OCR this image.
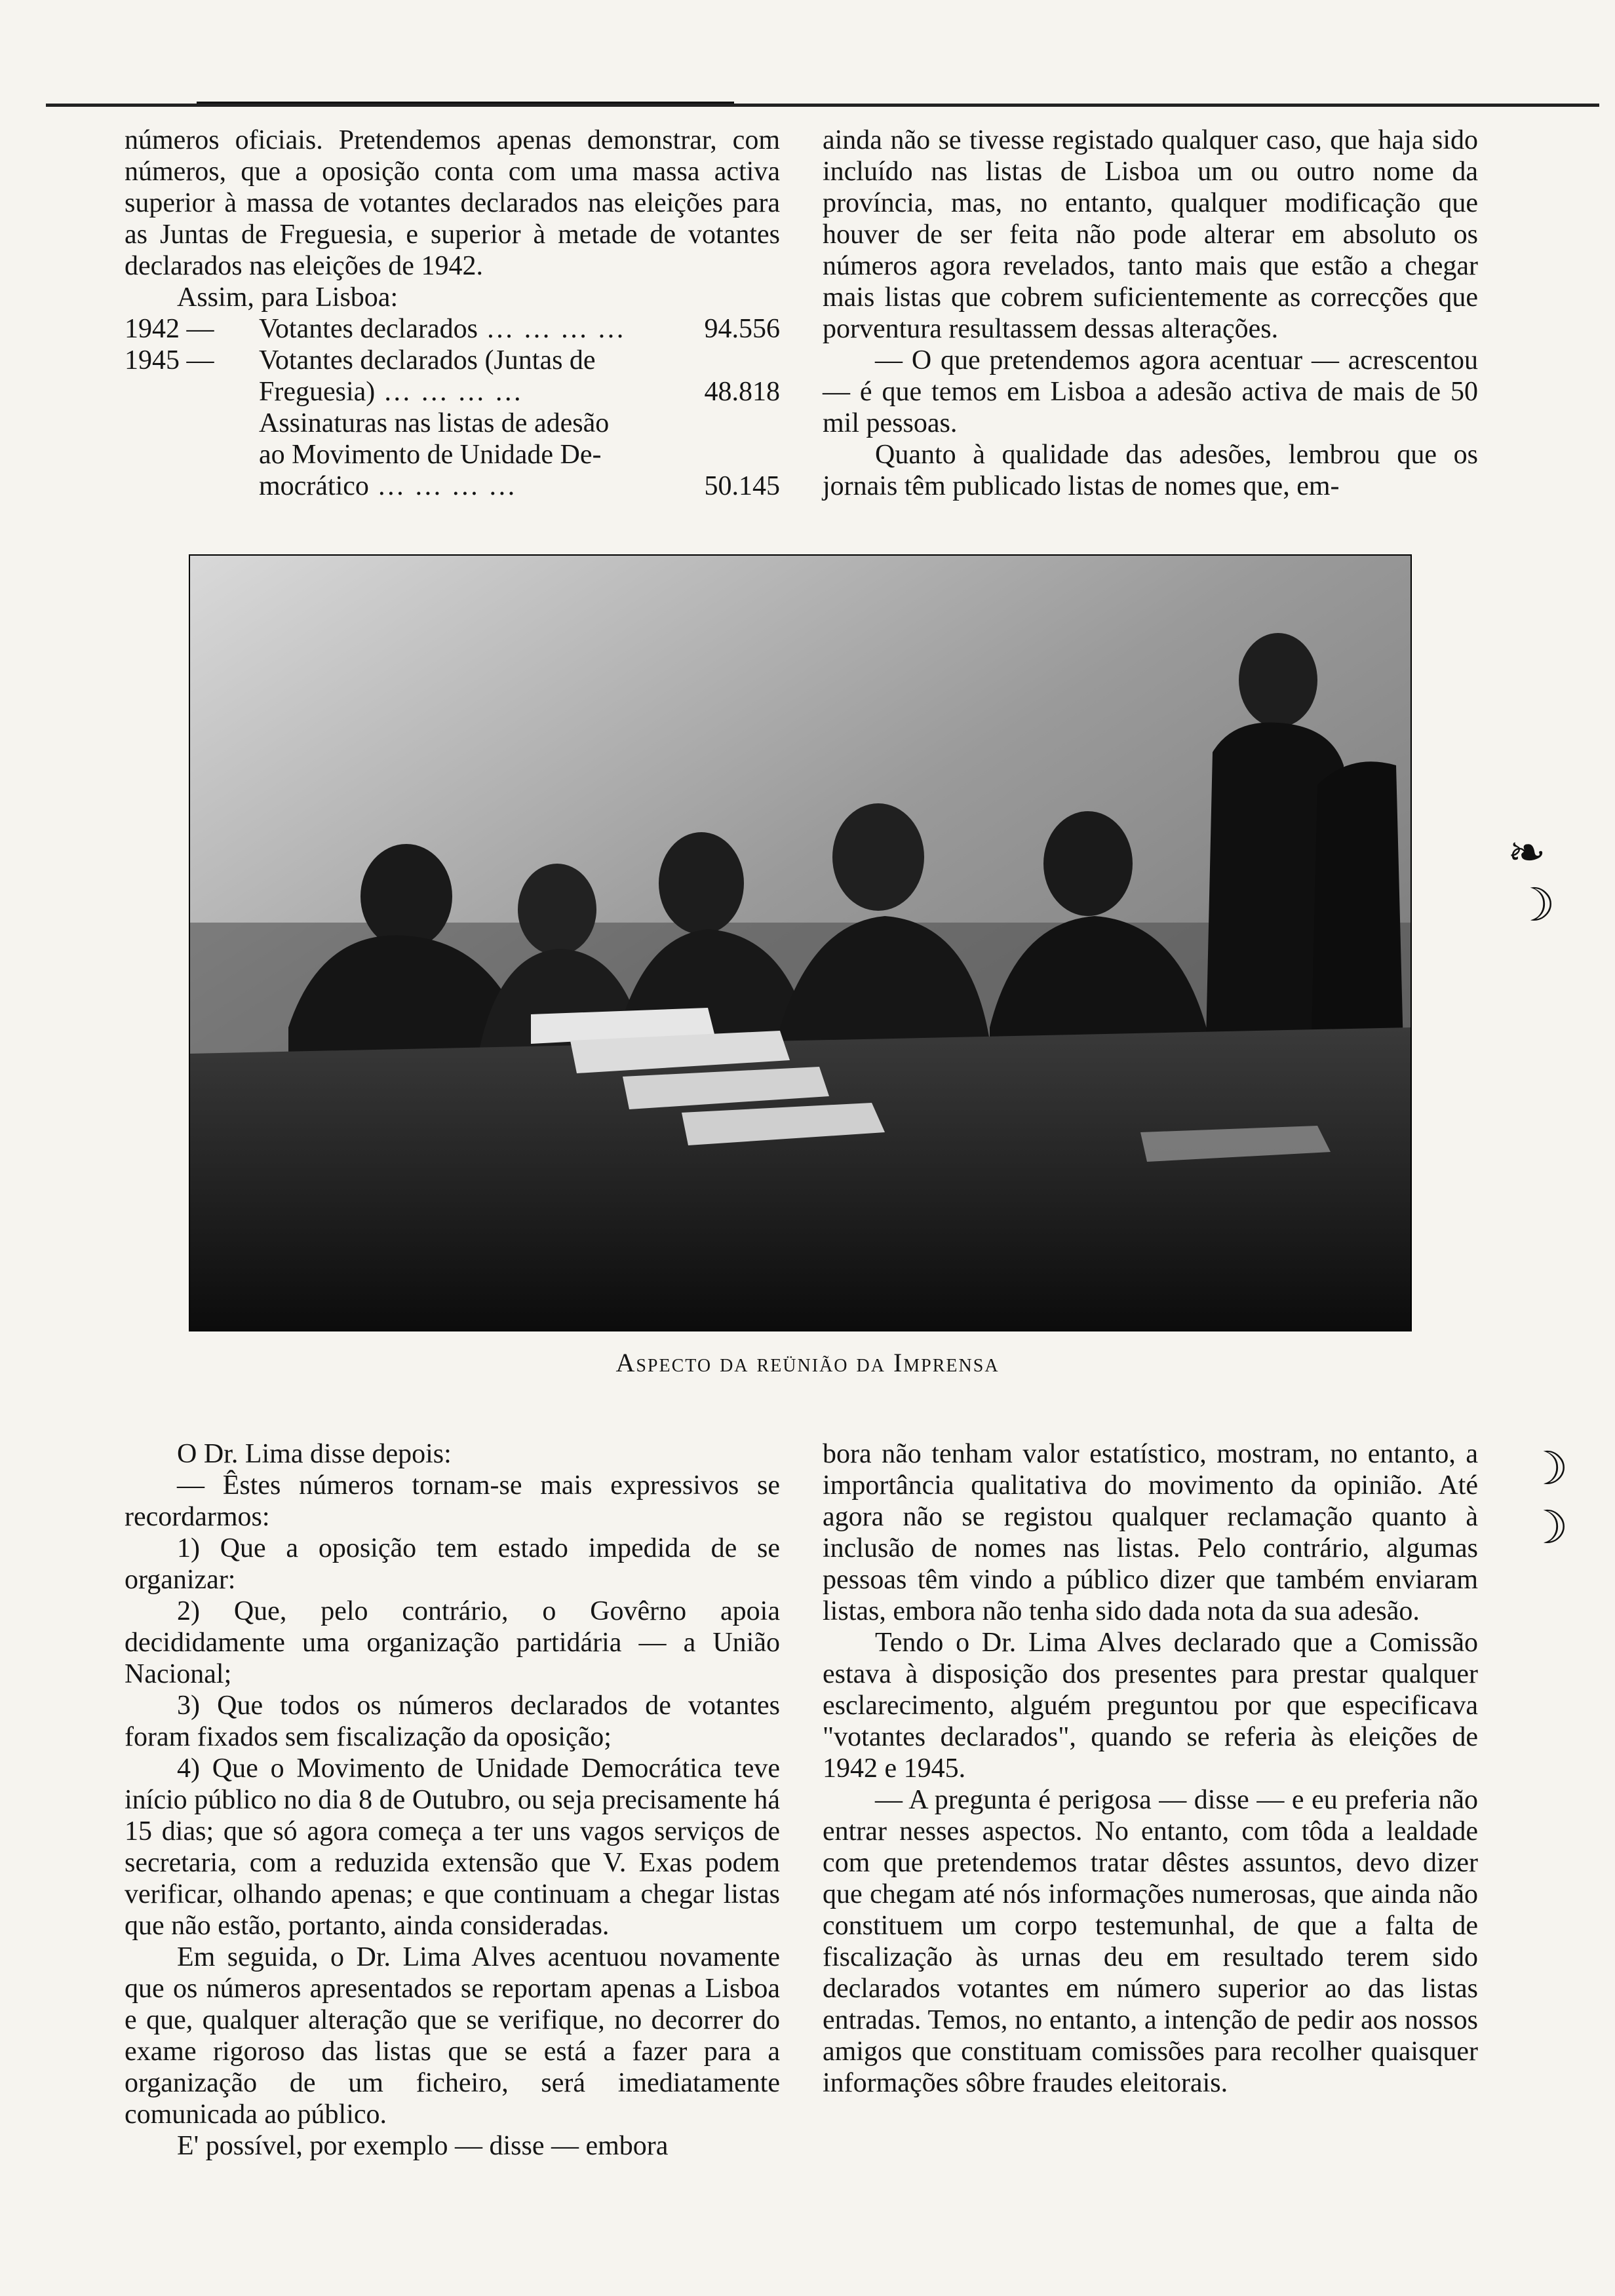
números oficiais. Pretendemos apenas demonstrar, com números, que a oposição conta com uma massa activa superior à massa de votantes declarados nas eleições para as Juntas de Freguesia, e superior à metade de votantes declarados nas eleições de 1942.

Assim, para Lisboa:

1942 —	Votantes declarados … … … …	94.556
1945 —	Votantes declarados (Juntas de
Freguesia) … … … …	48.818
Assinaturas nas listas de adesão
ao Movimento de Unidade De-
mocrático … … … …	50.145

ainda não se tivesse registado qualquer caso, que haja sido incluído nas listas de Lisboa um ou outro nome da província, mas, no entanto, qualquer modificação que houver de ser feita não pode alterar em absoluto os números agora revelados, tanto mais que estão a chegar mais listas que cobrem suficientemente as correcções que porventura resultassem dessas alterações.

— O que pretendemos agora acentuar — acrescentou — é que temos em Lisboa a adesão activa de mais de 50 mil pessoas.

Quanto à qualidade das adesões, lembrou que os jornais têm publicado listas de nomes que, em-

Aspecto da reünião da Imprensa

O Dr. Lima disse depois:

— Êstes números tornam-se mais expressivos se recordarmos:

1) Que a oposição tem estado impedida de se organizar:

2) Que, pelo contrário, o Govêrno apoia decididamente uma organização partidária — a União Nacional;

3) Que todos os números declarados de votantes foram fixados sem fiscalização da oposição;

4) Que o Movimento de Unidade Democrática teve início público no dia 8 de Outubro, ou seja precisamente há 15 dias; que só agora começa a ter uns vagos serviços de secretaria, com a reduzida extensão que V. Exas podem verificar, olhando apenas; e que continuam a chegar listas que não estão, portanto, ainda consideradas.

Em seguida, o Dr. Lima Alves acentuou novamente que os números apresentados se reportam apenas a Lisboa e que, qualquer alteração que se verifique, no decorrer do exame rigoroso das listas que se está a fazer para a organização de um ficheiro, será imediatamente comunicada ao público.

E' possível, por exemplo — disse — embora

bora não tenham valor estatístico, mostram, no entanto, a importância qualitativa do movimento da opinião. Até agora não se registou qualquer reclamação quanto à inclusão de nomes nas listas. Pelo contrário, algumas pessoas têm vindo a público dizer que também enviaram listas, embora não tenha sido dada nota da sua adesão.

Tendo o Dr. Lima Alves declarado que a Comissão estava à disposição dos presentes para prestar qualquer esclarecimento, alguém preguntou por que especificava "votantes declarados", quando se referia às eleições de 1942 e 1945.

— A pregunta é perigosa — disse — e eu preferia não entrar nesses aspectos. No entanto, com tôda a lealdade com que pretendemos tratar dêstes assuntos, devo dizer que chegam até nós informações numerosas, que ainda não constituem um corpo testemunhal, de que a falta de fiscalização às urnas deu em resultado terem sido declarados votantes em número superior ao das listas entradas. Temos, no entanto, a intenção de pedir aos nossos amigos que constituam comissões para recolher quaisquer informações sôbre fraudes eleitorais.

❧
☽
☽
☽
